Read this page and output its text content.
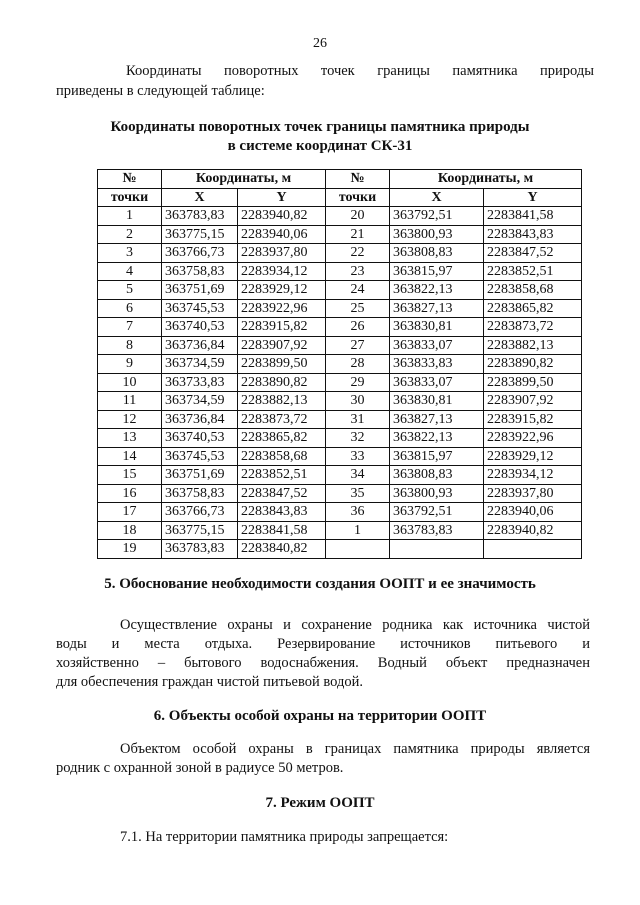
26
Координаты поворотных точек границы памятника природы
приведены в следующей таблице:
Координаты поворотных точек границы памятника природы
в системе координат СК-31
№	Координаты, м		№	Координаты, м	
точки	X	Y	точки	X	Y
1	363783,83	2283940,82	20	363792,51	2283841,58
2	363775,15	2283940,06	21	363800,93	2283843,83
3	363766,73	2283937,80	22	363808,83	2283847,52
4	363758,83	2283934,12	23	363815,97	2283852,51
5	363751,69	2283929,12	24	363822,13	2283858,68
6	363745,53	2283922,96	25	363827,13	2283865,82
7	363740,53	2283915,82	26	363830,81	2283873,72
8	363736,84	2283907,92	27	363833,07	2283882,13
9	363734,59	2283899,50	28	363833,83	2283890,82
10	363733,83	2283890,82	29	363833,07	2283899,50
11	363734,59	2283882,13	30	363830,81	2283907,92
12	363736,84	2283873,72	31	363827,13	2283915,82
13	363740,53	2283865,82	32	363822,13	2283922,96
14	363745,53	2283858,68	33	363815,97	2283929,12
15	363751,69	2283852,51	34	363808,83	2283934,12
16	363758,83	2283847,52	35	363800,93	2283937,80
17	363766,73	2283843,83	36	363792,51	2283940,06
18	363775,15	2283841,58	1	363783,83	2283940,82
19	363783,83	2283840,82			
5. Обоснование необходимости создания ООПТ и ее значимость
Осуществление охраны и сохранение родника как источника чистой
воды и места отдыха. Резервирование источников питьевого и
хозяйственно – бытового водоснабжения. Водный объект предназначен
для обеспечения граждан чистой питьевой водой.
6. Объекты особой охраны на территории ООПТ
Объектом особой охраны в границах памятника природы является
родник с охранной зоной в радиусе 50 метров.
7. Режим ООПТ
7.1. На территории памятника природы запрещается:
